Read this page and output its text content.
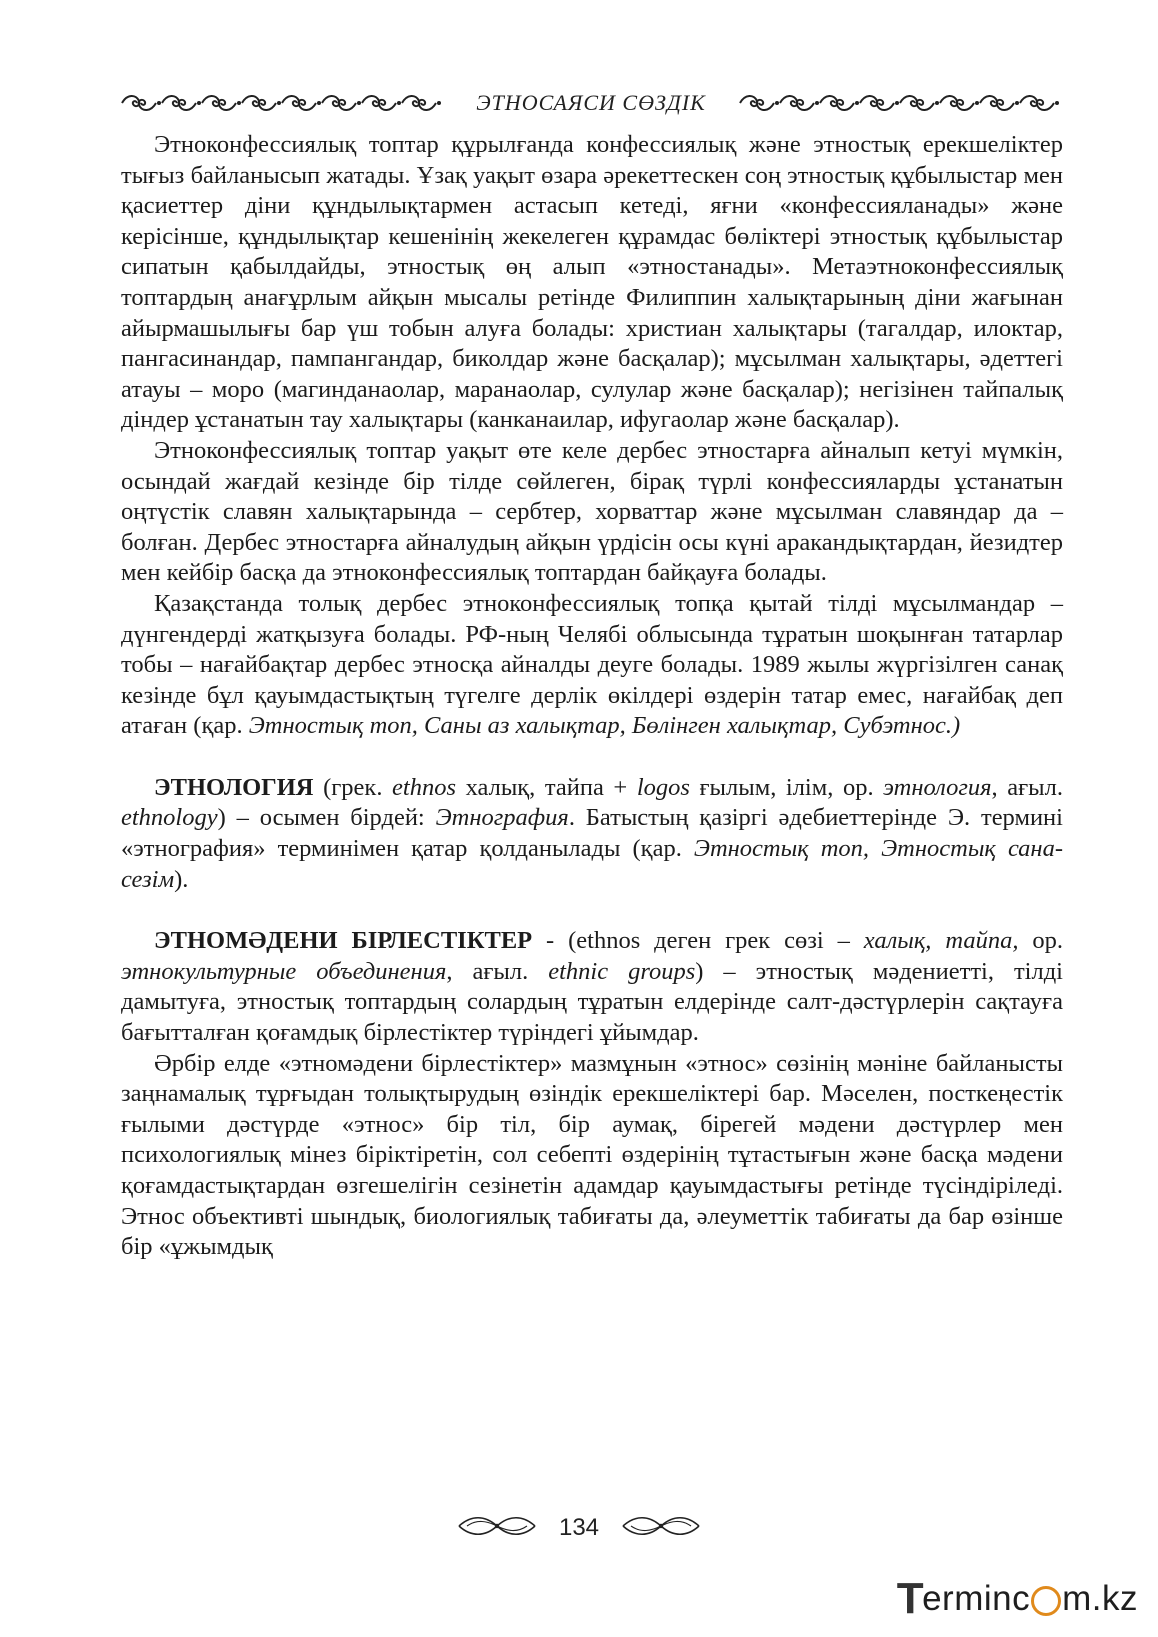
ЭТНОСАЯСИ СӨЗДІК

Этноконфессиялық топтар құрылғанда конфессиялық және этностық ерекшеліктер тығыз байланысып жатады. Ұзақ уақыт өзара әрекеттескен соң этностық құбылыстар мен қасиеттер діни құндылықтармен астасып кетеді, яғни «конфессияланады» және керісінше, құндылықтар кешенінің жекелеген құрамдас бөліктері этностық құбылыстар сипатын қабылдайды, этностық өң алып «этностанады». Метаэтноконфессиялық топтардың анағұрлым айқын мысалы ретінде Филиппин халықтарының діни жағынан айырмашылығы бар үш тобын алуға болады: христиан халықтары (тагалдар, илоктар, пангасинандар, пампангандар, биколдар және басқалар); мұсылман халықтары, әдеттегі атауы – моро (магинданаолар, маранаолар, сулулар және басқалар); негізінен тайпалық діндер ұстанатын тау халықтары (канканаилар, ифугаолар және басқалар).

Этноконфессиялық топтар уақыт өте келе дербес этностарға айналып кетуі мүмкін, осындай жағдай кезінде бір тілде сөйлеген, бірақ түрлі конфессияларды ұстанатын оңтүстік славян халықтарында – сербтер, хорваттар және мұсылман славяндар да – болған. Дербес этностарға айналудың айқын үрдісін осы күні аракандықтардан, йезидтер мен кейбір басқа да этноконфессиялық топтардан байқауға болады.

Қазақстанда толық дербес этноконфессиялық топқа қытай тілді мұсылмандар – дүнгендерді жатқызуға болады. РФ-ның Челябі облысында тұратын шоқынған татарлар тобы – нағайбақтар дербес этносқа айналды деуге болады. 1989 жылы жүргізілген санақ кезінде бұл қауымдастықтың түгелге дерлік өкілдері өздерін татар емес, нағайбақ деп атаған (қар. Этностық топ, Саны аз халықтар, Бөлінген халықтар, Субэтнос.)

ЭТНОЛОГИЯ (грек. ethnos халық, тайпа + logos ғылым, ілім, ор. этнология, ағыл. ethnology) – осымен бірдей: Этнография. Батыстың қазіргі әдебиеттерінде Э. термині «этнография» терминімен қатар қолданылады (қар. Этностық топ, Этностық сана-сезім).

ЭТНОМӘДЕНИ БІРЛЕСТІКТЕР - (ethnos деген грек сөзі – халық, тайпа, ор. этнокультурные объединения, ағыл. ethnic groups) – этностық мәдениетті, тілді дамытуға, этностық топтардың солардың тұратын елдерінде салт-дәстүрлерін сақтауға бағытталған қоғамдық бірлестіктер түріндегі ұйымдар.

Әрбір елде «этномәдени бірлестіктер» мазмұнын «этнос» сөзінің мәніне байланысты заңнамалық тұрғыдан толықтырудың өзіндік ерекшеліктері бар. Мәселен, посткеңестік ғылыми дәстүрде «этнос» бір тіл, бір аумақ, бірегей мәдени дәстүрлер мен психологиялық мінез біріктіретін, сол себепті өздерінің тұтастығын және басқа мәдени қоғамдастықтардан өзгешелігін сезінетін адамдар қауымдастығы ретінде түсіндіріледі. Этнос объективті шындық, биологиялық табиғаты да, әлеуметтік табиғаты да бар өзінше бір «ұжымдық

134
T
ermin c m.kz
